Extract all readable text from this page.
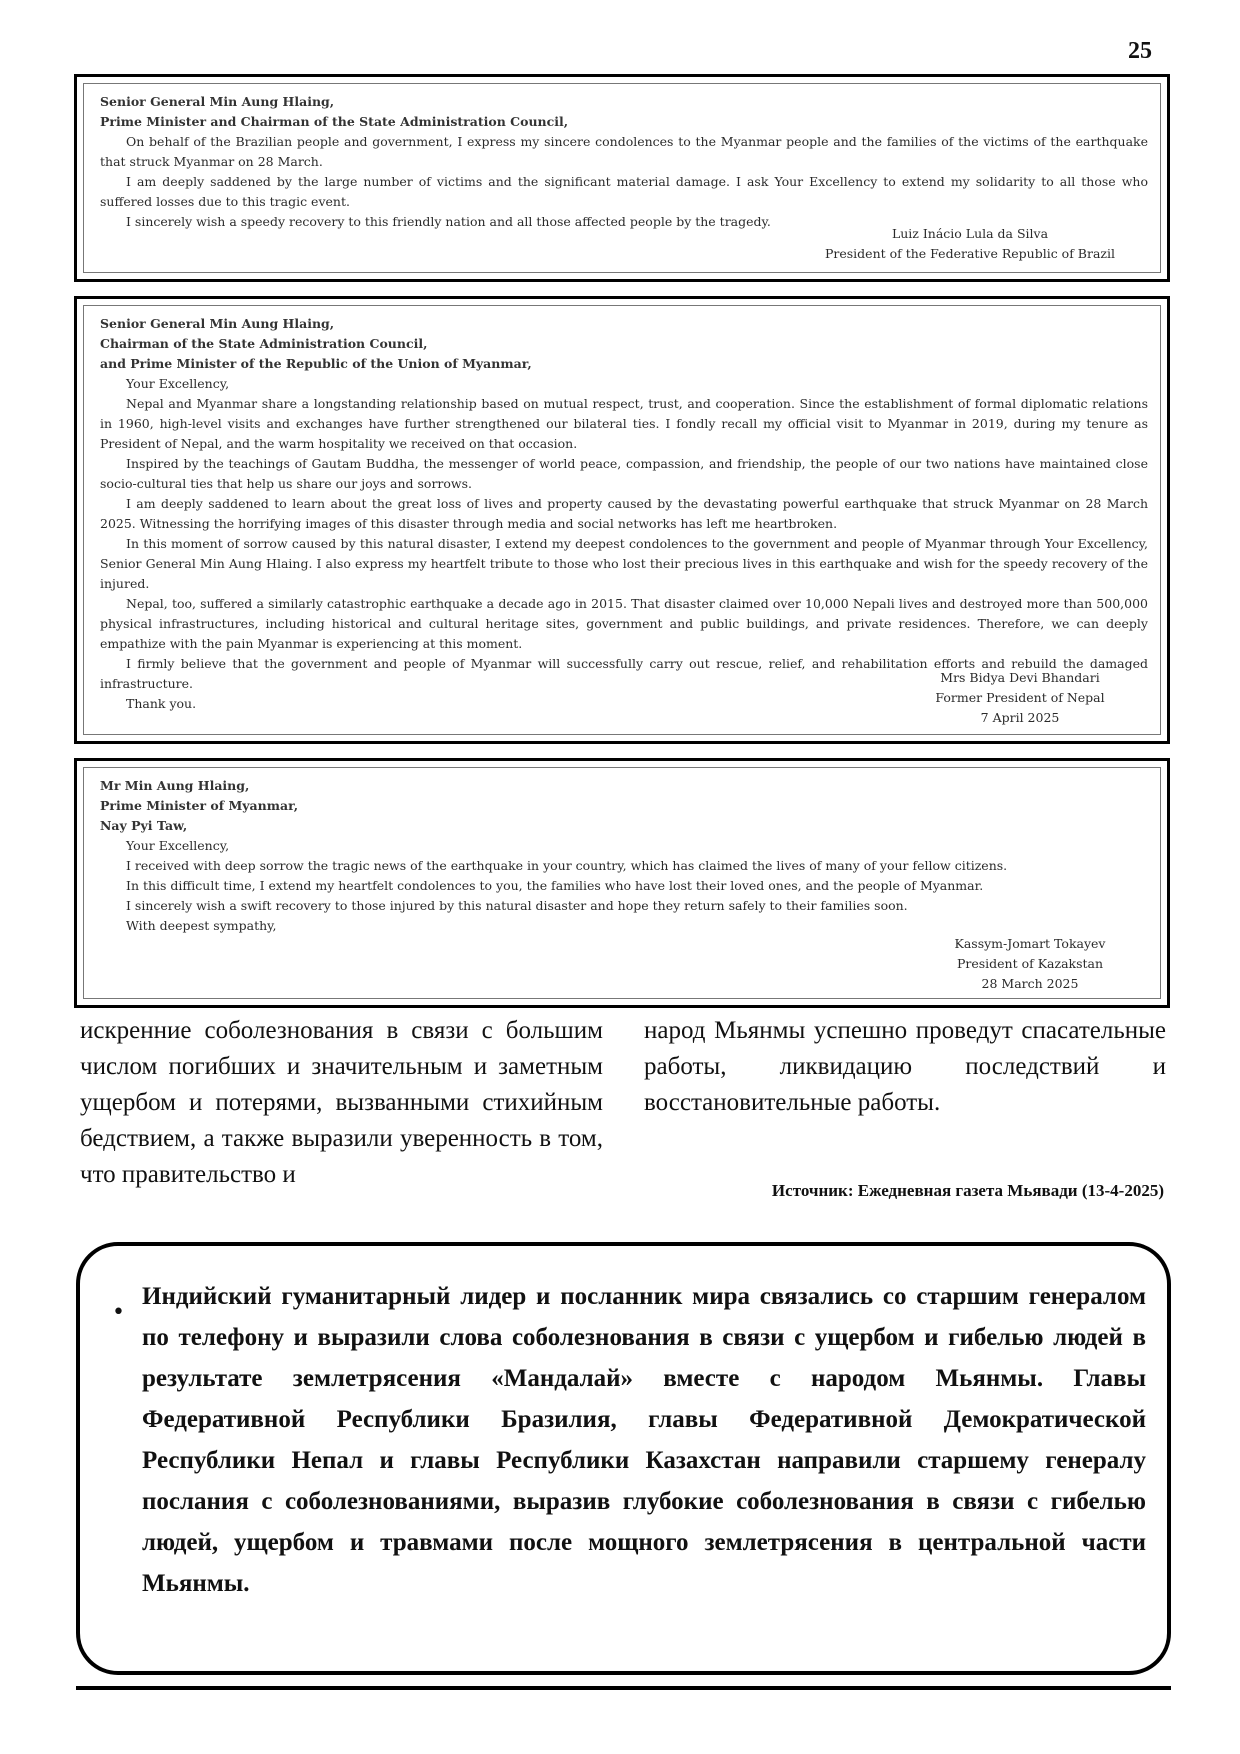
25
Senior General Min Aung Hlaing,
Prime Minister and Chairman of the State Administration Council,
On behalf of the Brazilian people and government, I express my sincere condolences to the Myanmar people and the families of the victims of the earthquake that struck Myanmar on 28 March.
I am deeply saddened by the large number of victims and the significant material damage. I ask Your Excellency to extend my solidarity to all those who suffered losses due to this tragic event.
I sincerely wish a speedy recovery to this friendly nation and all those affected people by the tragedy.
Luiz Inácio Lula da Silva
President of the Federative Republic of Brazil
Senior General Min Aung Hlaing,
Chairman of the State Administration Council,
and Prime Minister of the Republic of the Union of Myanmar,
Your Excellency,
Nepal and Myanmar share a longstanding relationship based on mutual respect, trust, and cooperation. Since the establishment of formal diplomatic relations in 1960, high-level visits and exchanges have further strengthened our bilateral ties. I fondly recall my official visit to Myanmar in 2019, during my tenure as President of Nepal, and the warm hospitality we received on that occasion.
Inspired by the teachings of Gautam Buddha, the messenger of world peace, compassion, and friendship, the people of our two nations have maintained close socio-cultural ties that help us share our joys and sorrows.
I am deeply saddened to learn about the great loss of lives and property caused by the devastating powerful earthquake that struck Myanmar on 28 March 2025. Witnessing the horrifying images of this disaster through media and social networks has left me heartbroken.
In this moment of sorrow caused by this natural disaster, I extend my deepest condolences to the government and people of Myanmar through Your Excellency, Senior General Min Aung Hlaing. I also express my heartfelt tribute to those who lost their precious lives in this earthquake and wish for the speedy recovery of the injured.
Nepal, too, suffered a similarly catastrophic earthquake a decade ago in 2015. That disaster claimed over 10,000 Nepali lives and destroyed more than 500,000 physical infrastructures, including historical and cultural heritage sites, government and public buildings, and private residences. Therefore, we can deeply empathize with the pain Myanmar is experiencing at this moment.
I firmly believe that the government and people of Myanmar will successfully carry out rescue, relief, and rehabilitation efforts and rebuild the damaged infrastructure.
Thank you.
Mrs Bidya Devi Bhandari
Former President of Nepal
7 April 2025
Mr Min Aung Hlaing,
Prime Minister of Myanmar,
Nay Pyi Taw,
Your Excellency,
I received with deep sorrow the tragic news of the earthquake in your country, which has claimed the lives of many of your fellow citizens.
In this difficult time, I extend my heartfelt condolences to you, the families who have lost their loved ones, and the people of Myanmar.
I sincerely wish a swift recovery to those injured by this natural disaster and hope they return safely to their families soon.
With deepest sympathy,
Kassym-Jomart Tokayev
President of Kazakstan
28 March 2025
искренние соболезнования в связи с большим числом погибших и значительным и заметным ущербом и потерями, вызванными стихийным бедствием, а также выразили уверенность в том, что правительство и
народ Мьянмы успешно проведут спасательные работы, ликвидацию последствий и восстановительные работы.
Источник: Ежедневная газета Мьявади (13-4-2025)
•

Индийский гуманитарный лидер и посланник мира связались со старшим генералом по телефону и выразили слова соболезнования в связи с ущербом и гибелью людей в результате землетрясения «Мандалай» вместе с народом Мьянмы. Главы Федеративной Республики Бразилия, главы Федеративной Демократической Республики Непал и главы Республики Казахстан направили старшему генералу послания с соболезнованиями, выразив глубокие соболезнования в связи с гибелью людей, ущербом и травмами после мощного землетрясения в центральной части Мьянмы.
